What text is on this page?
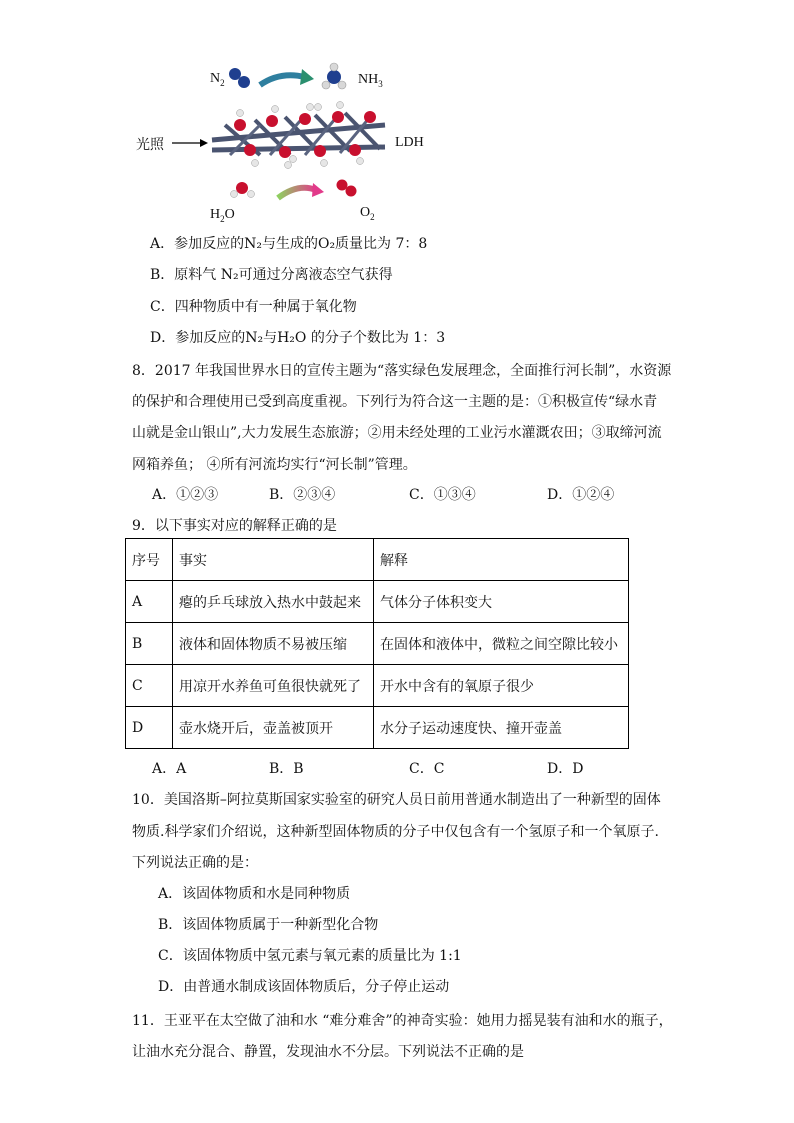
$N_2$	$NH_3$
光照	LDH
$H_2O$	$O_2$
A．参加反应的N₂与生成的O₂质量比为 7：8
B．原料气 N₂可通过分离液态空气获得
C．四种物质中有一种属于氧化物
D．参加反应的N₂与H₂O 的分子个数比为 1：3
8．2017 年我国世界水日的宣传主题为“落实绿色发展理念，全面推行河长制”，水资源
的保护和合理使用已受到高度重视。下列行为符合这一主题的是：①积极宣传“绿水青
山就是金山银山”,大力发展生态旅游；②用未经处理的工业污水灌溉农田；③取缔河流
网箱养鱼； ④所有河流均实行“河长制”管理。
A．①②③	B．②③④	C．①③④	D．①②④
9．以下事实对应的解释正确的是
序号	事实	解释
A	瘪的乒乓球放入热水中鼓起来	气体分子体积变大
B	液体和固体物质不易被压缩	在固体和液体中，微粒之间空隙比较小
C	用凉开水养鱼可鱼很快就死了	开水中含有的氧原子很少
D	壶水烧开后，壶盖被顶开	水分子运动速度快、撞开壶盖
A．A	B．B	C．C	D．D
10．美国洛斯–阿拉莫斯国家实验室的研究人员日前用普通水制造出了一种新型的固体
物质.科学家们介绍说，这种新型固体物质的分子中仅包含有一个氢原子和一个氧原子.
下列说法正确的是：
A．该固体物质和水是同种物质
B．该固体物质属于一种新型化合物
C．该固体物质中氢元素与氧元素的质量比为 1:1
D．由普通水制成该固体物质后，分子停止运动
11．王亚平在太空做了油和水 “难分难舍”的神奇实验：她用力摇晃装有油和水的瓶子，
让油水充分混合、静置，发现油水不分层。下列说法不正确的是
